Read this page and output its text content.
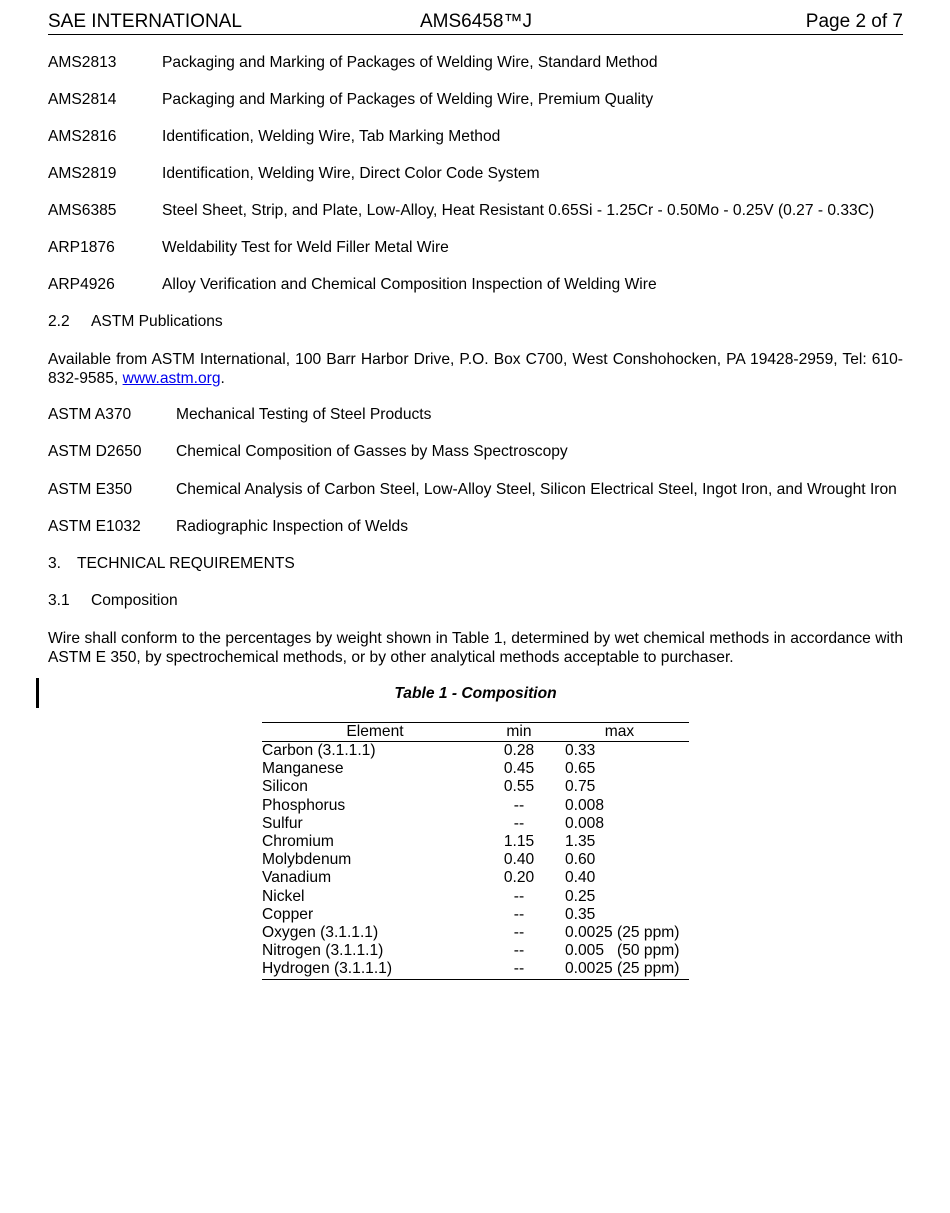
SAE INTERNATIONAL	AMS6458™J	Page 2 of 7
AMS2813	Packaging and Marking of Packages of Welding Wire, Standard Method
AMS2814	Packaging and Marking of Packages of Welding Wire, Premium Quality
AMS2816	Identification, Welding Wire, Tab Marking Method
AMS2819	Identification, Welding Wire, Direct Color Code System
AMS6385	Steel Sheet, Strip, and Plate, Low-Alloy, Heat Resistant 0.65Si - 1.25Cr - 0.50Mo - 0.25V (0.27 - 0.33C)
ARP1876	Weldability Test for Weld Filler Metal Wire
ARP4926	Alloy Verification and Chemical Composition Inspection of Welding Wire
2.2 ASTM Publications
Available from ASTM International, 100 Barr Harbor Drive, P.O. Box C700, West Conshohocken, PA 19428-2959, Tel: 610-832-9585, www.astm.org.
ASTM A370	Mechanical Testing of Steel Products
ASTM D2650 Chemical Composition of Gasses by Mass Spectroscopy
ASTM E350	Chemical Analysis of Carbon Steel, Low-Alloy Steel, Silicon Electrical Steel, Ingot Iron, and Wrought Iron
ASTM E1032 Radiographic Inspection of Welds
3. TECHNICAL REQUIREMENTS
3.1 Composition
Wire shall conform to the percentages by weight shown in Table 1, determined by wet chemical methods in accordance with ASTM E 350, by spectrochemical methods, or by other analytical methods acceptable to purchaser.
Table 1 - Composition
Element	min	max
Carbon (3.1.1.1)	0.28	0.33
Manganese	0.45	0.65
Silicon	0.55	0.75
Phosphorus	--	0.008
Sulfur	--	0.008
Chromium	1.15	1.35
Molybdenum	0.40	0.60
Vanadium	0.20	0.40
Nickel	--	0.25
Copper	--	0.35
Oxygen (3.1.1.1)	--	0.0025 (25 ppm)
Nitrogen (3.1.1.1)	--	0.005   (50 ppm)
Hydrogen (3.1.1.1)	--	0.0025 (25 ppm)
